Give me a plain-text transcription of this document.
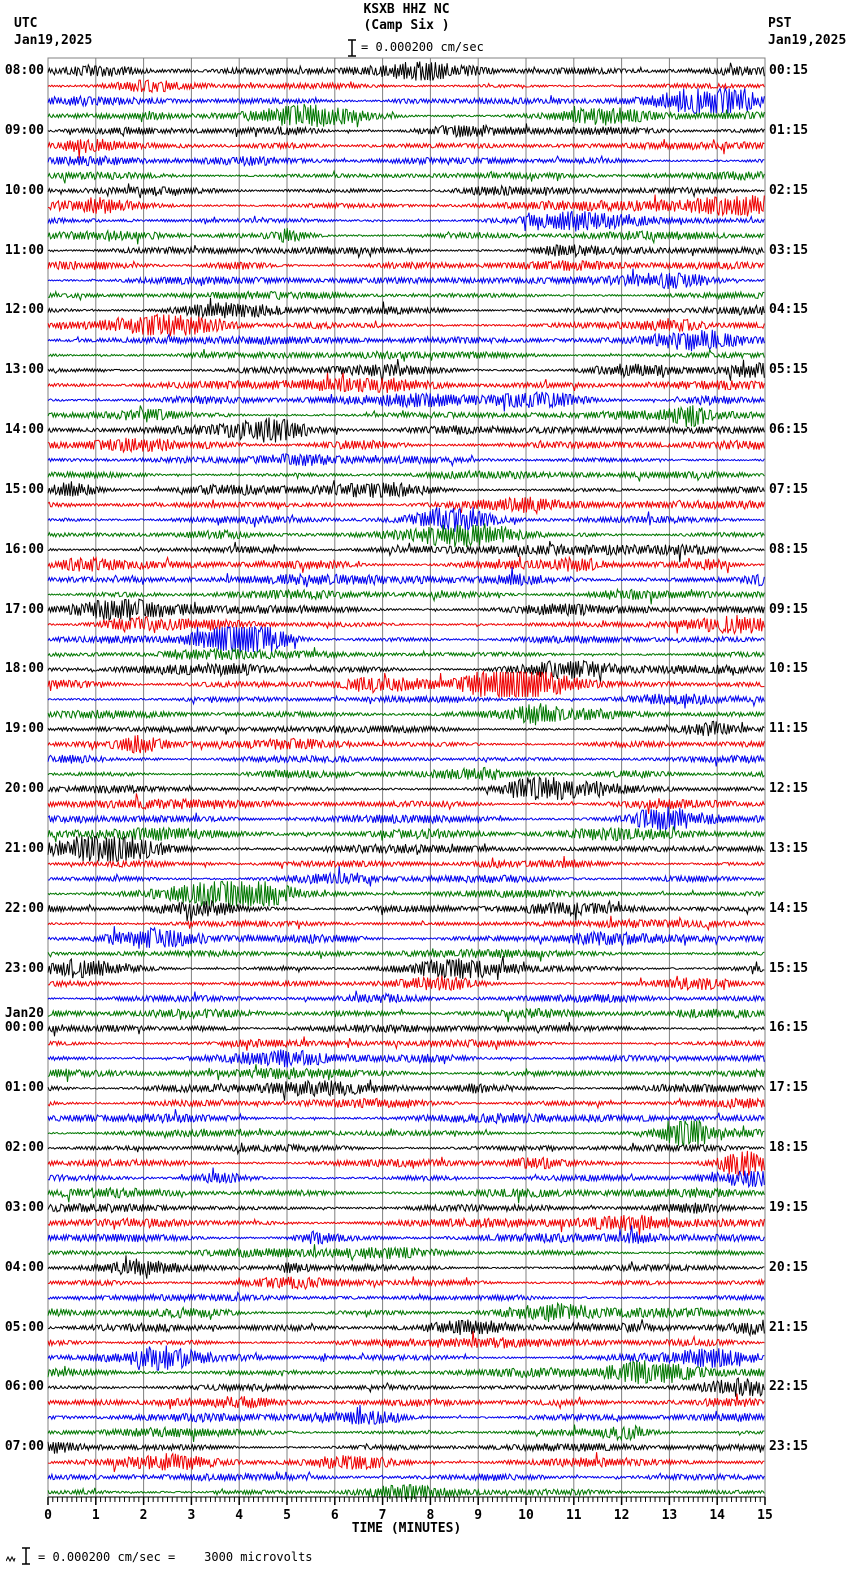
UTC
Jan19,2025
PST
Jan19,2025
KSXB HHZ NC
(Camp Six )
= 0.000200 cm/sec
0	1	2	3	4	5	6	7	8	9	10 11 12 13 14 15
08:00
09:00
10:00
11:00
12:00
13:00
14:00
15:00
16:00
17:00
18:00
19:00
20:00
21:00
22:00
23:00
Jan20
00:00
01:00
02:00
03:00
04:00
05:00
06:00
07:00
00:15
01:15
02:15
03:15
04:15
05:15
06:15
07:15
08:15
09:15
10:15
11:15
12:15
13:15
14:15
15:15
16:15
17:15
18:15
19:15
20:15
21:15
22:15
23:15
TIME (MINUTES)
= 0.000200 cm/sec =    3000 microvolts
